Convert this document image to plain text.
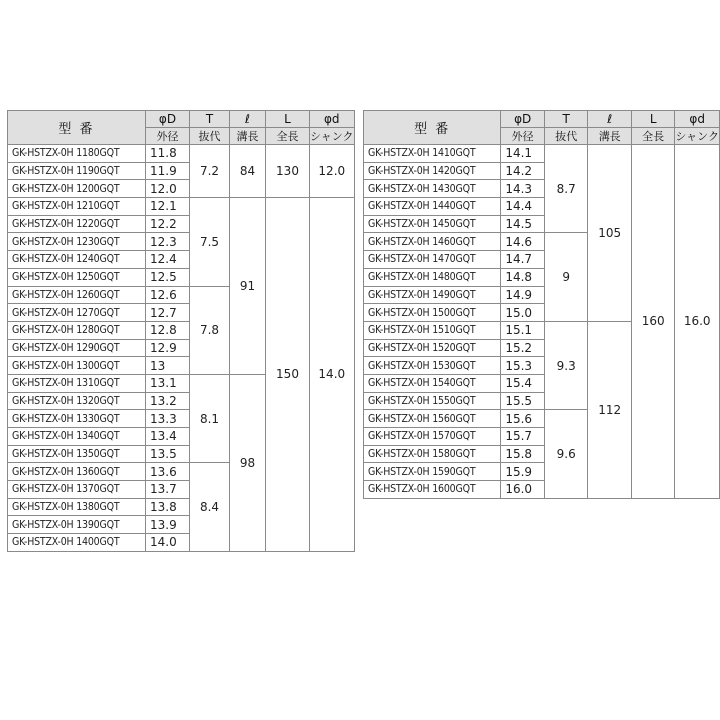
型 番	φD	T	ℓ	L	φd
	外径	抜代	溝長	全長	シャンク
GK-HSTZX-0H 1180GQT	11.8	7.2	84	130	12.0
GK-HSTZX-0H 1190GQT	11.9				
GK-HSTZX-0H 1200GQT	12.0				
GK-HSTZX-0H 1210GQT	12.1	7.5	91	150	14.0
GK-HSTZX-0H 1220GQT	12.2				
GK-HSTZX-0H 1230GQT	12.3				
GK-HSTZX-0H 1240GQT	12.4				
GK-HSTZX-0H 1250GQT	12.5				
GK-HSTZX-0H 1260GQT	12.6	7.8			
GK-HSTZX-0H 1270GQT	12.7				
GK-HSTZX-0H 1280GQT	12.8				
GK-HSTZX-0H 1290GQT	12.9				
GK-HSTZX-0H 1300GQT	13				
GK-HSTZX-0H 1310GQT	13.1	8.1	98		
GK-HSTZX-0H 1320GQT	13.2				
GK-HSTZX-0H 1330GQT	13.3				
GK-HSTZX-0H 1340GQT	13.4				
GK-HSTZX-0H 1350GQT	13.5				
GK-HSTZX-0H 1360GQT	13.6	8.4			
GK-HSTZX-0H 1370GQT	13.7				
GK-HSTZX-0H 1380GQT	13.8				
GK-HSTZX-0H 1390GQT	13.9				
GK-HSTZX-0H 1400GQT	14.0				
型 番	φD	T	ℓ	L	φd
	外径	抜代	溝長	全長	シャンク
GK-HSTZX-0H 1410GQT	14.1	8.7	105	160	16.0
GK-HSTZX-0H 1420GQT	14.2				
GK-HSTZX-0H 1430GQT	14.3				
GK-HSTZX-0H 1440GQT	14.4				
GK-HSTZX-0H 1450GQT	14.5				
GK-HSTZX-0H 1460GQT	14.6	9			
GK-HSTZX-0H 1470GQT	14.7				
GK-HSTZX-0H 1480GQT	14.8				
GK-HSTZX-0H 1490GQT	14.9				
GK-HSTZX-0H 1500GQT	15.0				
GK-HSTZX-0H 1510GQT	15.1	9.3	112		
GK-HSTZX-0H 1520GQT	15.2				
GK-HSTZX-0H 1530GQT	15.3				
GK-HSTZX-0H 1540GQT	15.4				
GK-HSTZX-0H 1550GQT	15.5				
GK-HSTZX-0H 1560GQT	15.6	9.6			
GK-HSTZX-0H 1570GQT	15.7				
GK-HSTZX-0H 1580GQT	15.8				
GK-HSTZX-0H 1590GQT	15.9				
GK-HSTZX-0H 1600GQT	16.0				
